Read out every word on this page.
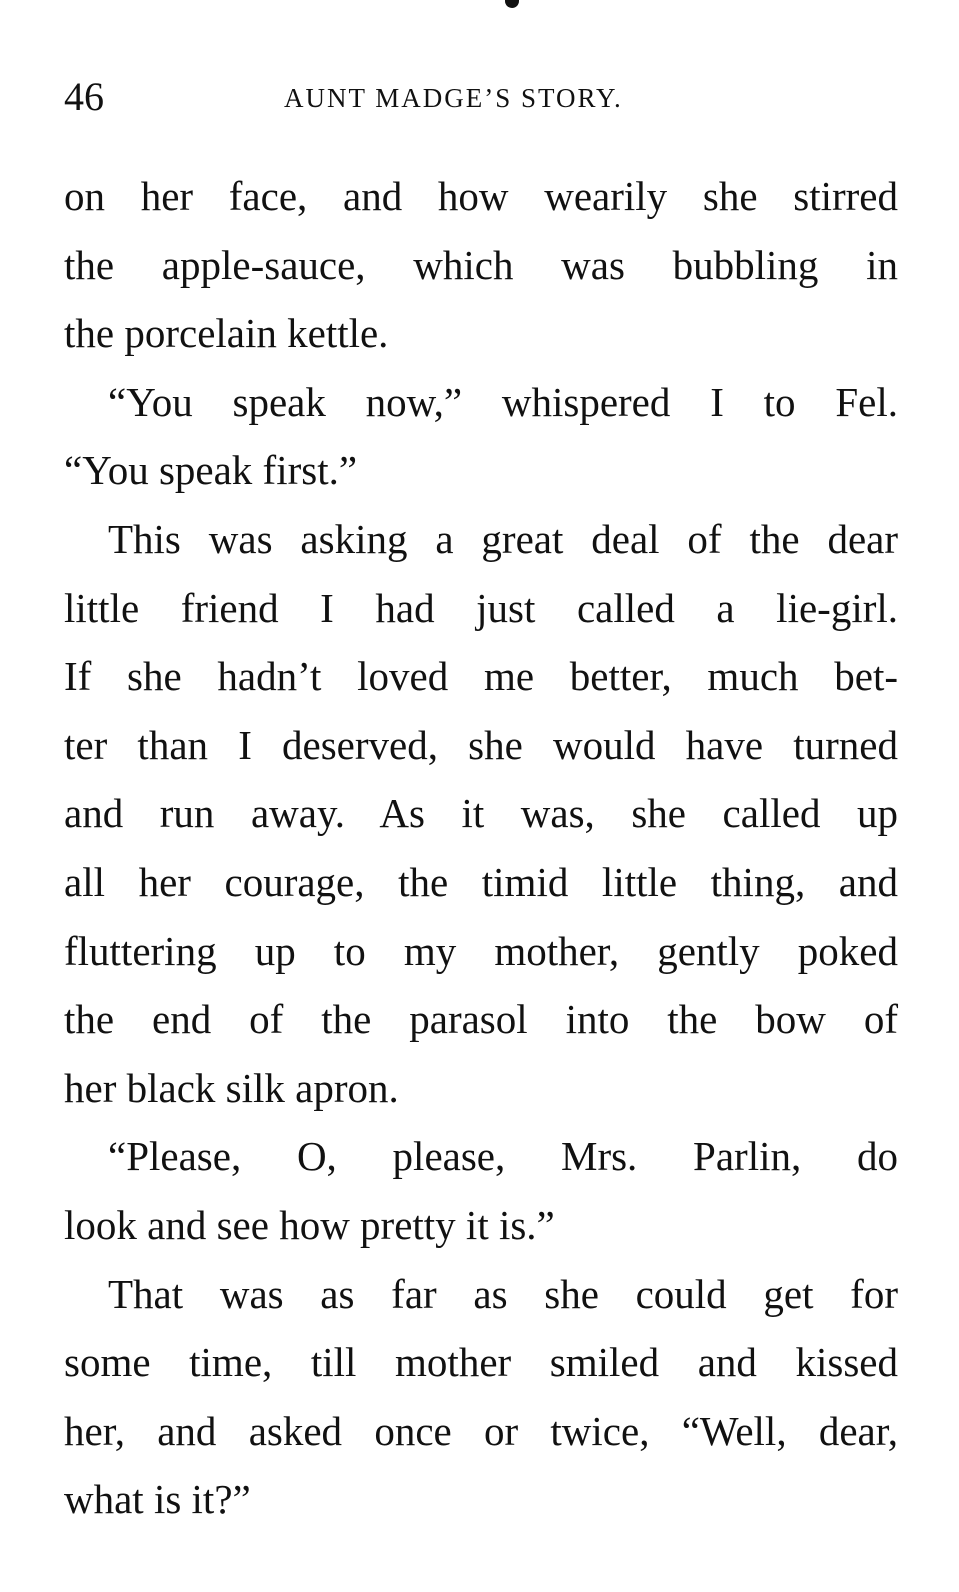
46	AUNT MADGE’S STORY.
on her face, and how wearily she stirred
the apple-sauce, which was bubbling in
the porcelain kettle.
“You speak now,” whispered I to Fel.
“You speak first.”
This was asking a great deal of the dear
little friend I had just called a lie-girl.
If she hadn’t loved me better, much bet-
ter than I deserved, she would have turned
and run away. As it was, she called up
all her courage, the timid little thing, and
fluttering up to my mother, gently poked
the end of the parasol into the bow of
her black silk apron.
“Please, O, please, Mrs. Parlin, do
look and see how pretty it is.”
That was as far as she could get for
some time, till mother smiled and kissed
her, and asked once or twice, “Well, dear,
what is it?”
